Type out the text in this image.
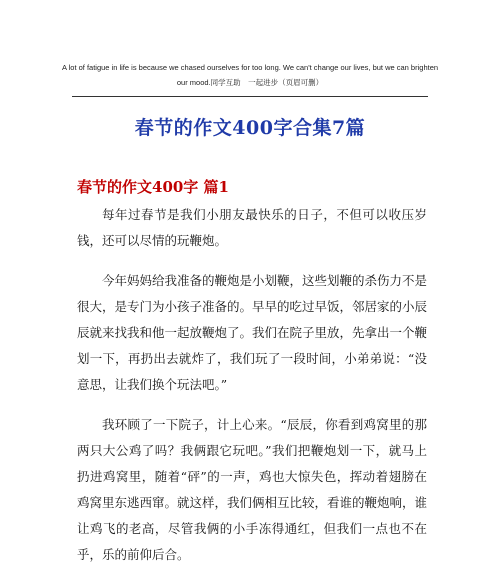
A lot of fatigue in life is because we chased ourselves for too long. We can't change our lives, but we can brighten
our mood.同学互助　一起进步（页眉可删）
春节的作文400字合集7篇
春节的作文400字 篇1

每年过春节是我们小朋友最快乐的日子，不但可以收压岁钱，还可以尽情的玩鞭炮。

今年妈妈给我准备的鞭炮是小划鞭，这些划鞭的杀伤力不是很大，是专门为小孩子准备的。早早的吃过早饭，邻居家的小辰辰就来找我和他一起放鞭炮了。我们在院子里放，先拿出一个鞭划一下，再扔出去就炸了，我们玩了一段时间，小弟弟说：“没意思，让我们换个玩法吧。”

我环顾了一下院子，计上心来。“辰辰，你看到鸡窝里的那两只大公鸡了吗？我俩跟它玩吧。”我们把鞭炮划一下，就马上扔进鸡窝里，随着“砰”的一声，鸡也大惊失色，挥动着翅膀在鸡窝里东逃西窜。就这样，我们俩相互比较，看谁的鞭炮响，谁让鸡飞的老高，尽管我俩的小手冻得通红，但我们一点也不在乎，乐的前仰后合。
